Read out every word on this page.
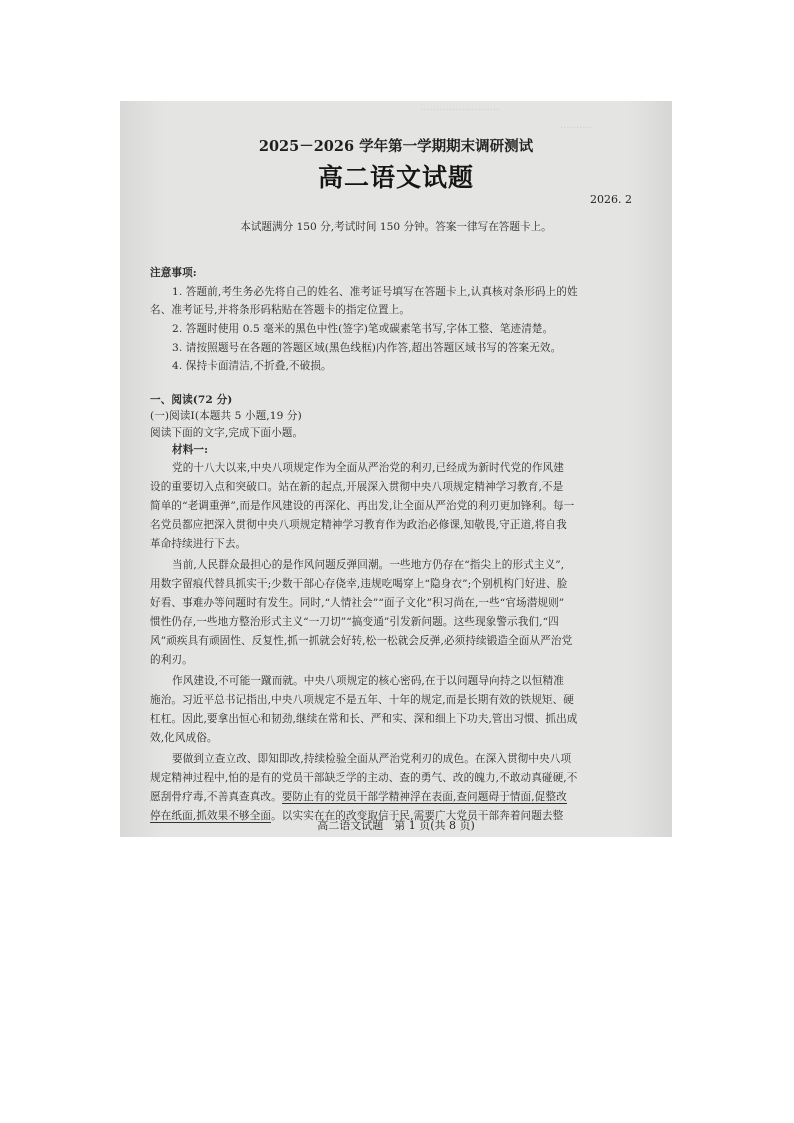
·························
··········
2025－2026 学年第一学期期末调研测试
高二语文试题
2026. 2
本试题满分 150 分,考试时间 150 分钟。答案一律写在答题卡上。
注意事项:
1. 答题前,考生务必先将自己的姓名、准考证号填写在答题卡上,认真核对条形码上的姓
名、准考证号,并将条形码粘贴在答题卡的指定位置上。
2. 答题时使用 0.5 毫米的黑色中性(签字)笔或碳素笔书写,字体工整、笔迹清楚。
3. 请按照题号在各题的答题区域(黑色线框)内作答,超出答题区域书写的答案无效。
4. 保持卡面清洁,不折叠,不破损。
一、阅读(72 分)
(一)阅读Ⅰ(本题共 5 小题,19 分)
阅读下面的文字,完成下面小题。
材料一:
党的十八大以来,中央八项规定作为全面从严治党的利刃,已经成为新时代党的作风建
设的重要切入点和突破口。站在新的起点,开展深入贯彻中央八项规定精神学习教育,不是
简单的“老调重弹”,而是作风建设的再深化、再出发,让全面从严治党的利刃更加锋利。每一
名党员都应把深入贯彻中央八项规定精神学习教育作为政治必修课,知敬畏,守正道,将自我
革命持续进行下去。
当前,人民群众最担心的是作风问题反弹回潮。一些地方仍存在“指尖上的形式主义”,
用数字留痕代替具抓实干;少数干部心存侥幸,违规吃喝穿上“隐身衣”;个别机构门好进、脸
好看、事难办等问题时有发生。同时,“人情社会”“面子文化”积习尚在,一些“官场潜规则”
惯性仍存,一些地方整治形式主义“一刀切”“搞变通”引发新问题。这些现象警示我们,“四
风”顽疾具有顽固性、反复性,抓一抓就会好转,松一松就会反弹,必须持续锻造全面从严治党
的利刃。
作风建设,不可能一蹴而就。中央八项规定的核心密码,在于以问题导向持之以恒精准
施治。习近平总书记指出,中央八项规定不是五年、十年的规定,而是长期有效的铁规矩、硬
杠杠。因此,要拿出恒心和韧劲,继续在常和长、严和实、深和细上下功夫,管出习惯、抓出成
效,化风成俗。
要做到立查立改、即知即改,持续检验全面从严治党利刃的成色。在深入贯彻中央八项
规定精神过程中,怕的是有的党员干部缺乏学的主动、查的勇气、改的魄力,不敢动真碰硬,不
愿刮骨疗毒,不善真查真改。要防止有的党员干部学精神浮在表面,查问题碍于情面,促整改
停在纸面,抓效果不够全面。以实实在在的改变取信于民,需要广大党员干部奔着问题去整
高二语文试题　第 1 页(共 8 页)
